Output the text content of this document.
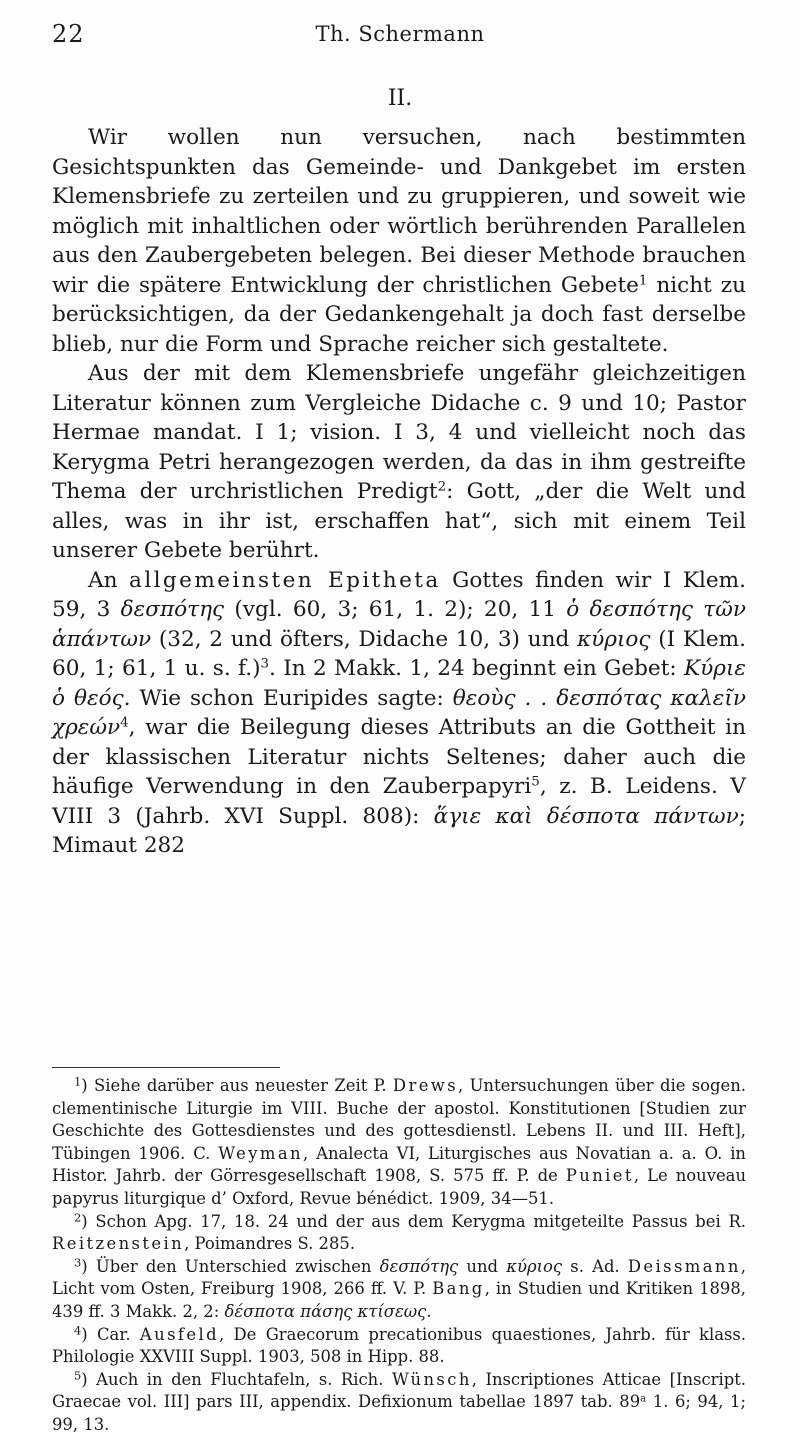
22	Th. Schermann
II.

Wir wollen nun versuchen, nach bestimmten Gesichtspunkten das Gemeinde- und Dankgebet im ersten Klemensbriefe zu zerteilen und zu gruppieren, und soweit wie möglich mit inhaltlichen oder wörtlich berührenden Parallelen aus den Zaubergebeten belegen. Bei dieser Methode brauchen wir die spätere Entwicklung der christlichen Gebete$^1$ nicht zu berücksichtigen, da der Gedankengehalt ja doch fast derselbe blieb, nur die Form und Sprache reicher sich gestaltete.

Aus der mit dem Klemensbriefe ungefähr gleichzeitigen Literatur können zum Vergleiche Didache c. 9 und 10; Pastor Hermae mandat. I 1; vision. I 3, 4 und vielleicht noch das Kerygma Petri herangezogen werden, da das in ihm gestreifte Thema der urchristlichen Predigt$^2$: Gott, „der die Welt und alles, was in ihr ist, erschaffen hat“, sich mit einem Teil unserer Gebete berührt.

An allgemeinsten Epitheta Gottes finden wir I Klem. 59, 3 δεσπότης (vgl. 60, 3; 61, 1. 2); 20, 11 ὁ δεσπότης τῶν ἁπάντων (32, 2 und öfters, Didache 10, 3) und κύριος (I Klem. 60, 1; 61, 1 u. s. f.)$^3$. In 2 Makk. 1, 24 beginnt ein Gebet: Κύριε ὁ θεός. Wie schon Euripides sagte: θεοὺς . . δεσπότας καλεῖν χρεών$^4$, war die Beilegung dieses Attributs an die Gottheit in der klassischen Literatur nichts Seltenes; daher auch die häufige Verwendung in den Zauberpapyri$^5$, z. B. Leidens. V VIII 3 (Jahrb. XVI Suppl. 808): ἅγιε καὶ δέσποτα πάντων; Mimaut 282

$^1$) Siehe darüber aus neuester Zeit P. Drews, Untersuchungen über die sogen. clementinische Liturgie im VIII. Buche der apostol. Konstitutionen [Studien zur Geschichte des Gottesdienstes und des gottesdienstl. Lebens II. und III. Heft], Tübingen 1906. C. Weyman, Analecta VI, Liturgisches aus Novatian a. a. O. in Histor. Jahrb. der Görresgesellschaft 1908, S. 575 ff. P. de Puniet, Le nouveau papyrus liturgique d’ Oxford, Revue bénédict. 1909, 34—51.

$^2$) Schon Apg. 17, 18. 24 und der aus dem Kerygma mitgeteilte Passus bei R. Reitzenstein, Poimandres S. 285.

$^3$) Über den Unterschied zwischen δεσπότης und κύριος s. Ad. Deissmann, Licht vom Osten, Freiburg 1908, 266 ff. V. P. Bang, in Studien und Kritiken 1898, 439 ff. 3 Makk. 2, 2: δέσποτα πάσης κτίσεως.

$^4$) Car. Ausfeld, De Graecorum precationibus quaestiones, Jahrb. für klass. Philologie XXVIII Suppl. 1903, 508 in Hipp. 88.

$^5$) Auch in den Fluchtafeln, s. Rich. Wünsch, Inscriptiones Atticae [Inscript. Graecae vol. III] pars III, appendix. Defixionum tabellae 1897 tab. 89$^a$ 1. 6; 94, 1; 99, 13.
